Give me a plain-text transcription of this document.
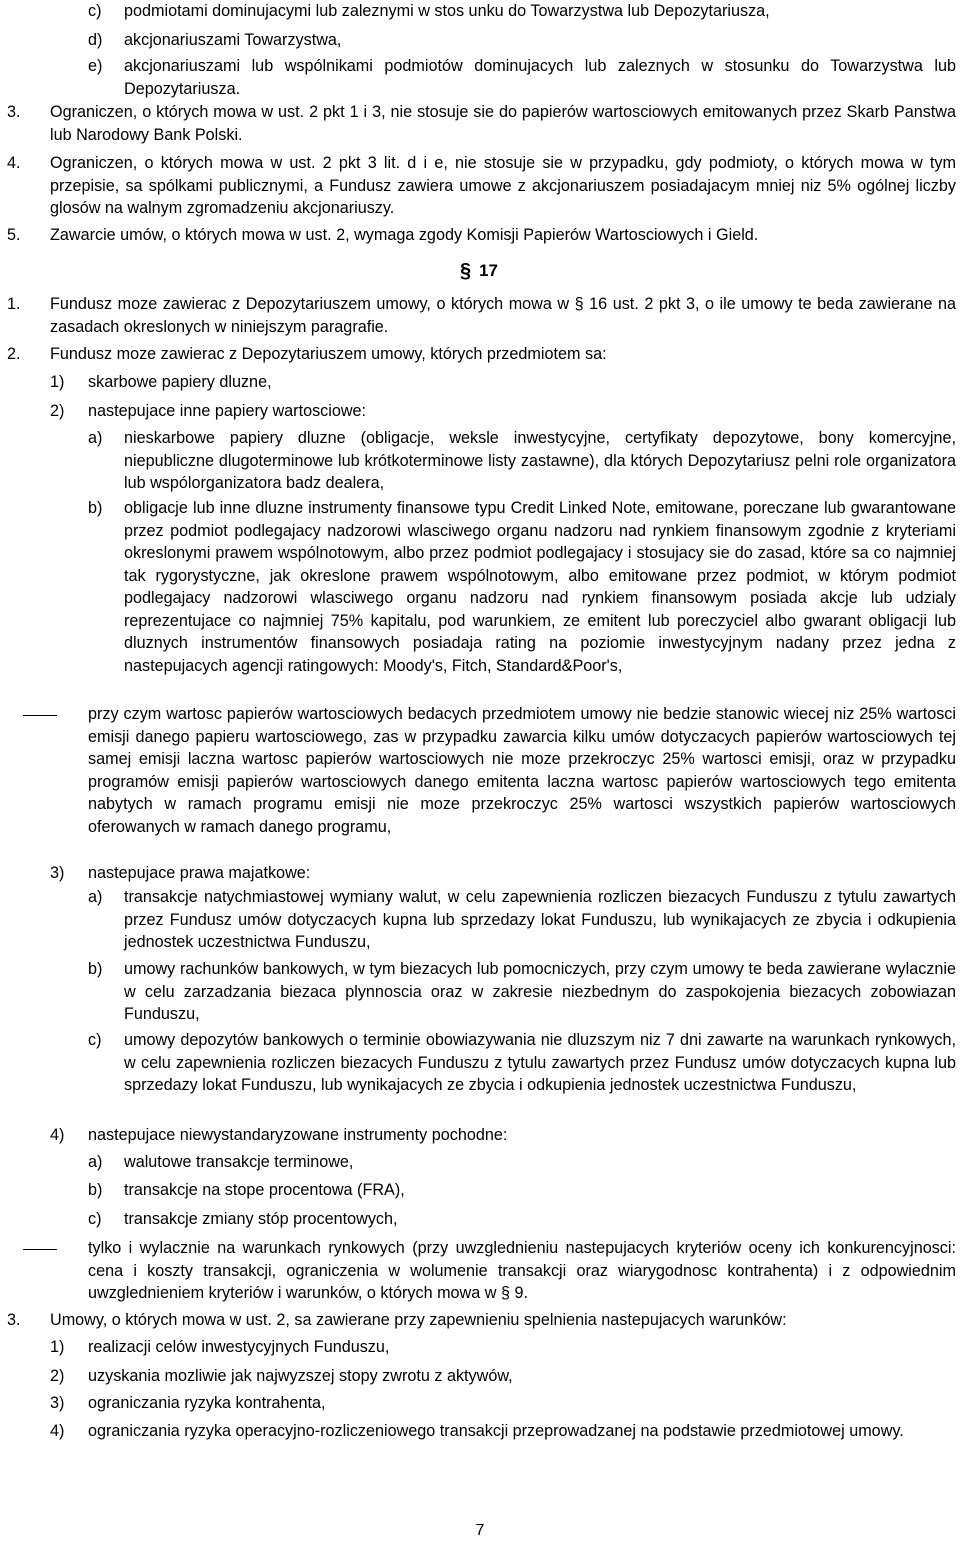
c) podmiotami dominujacymi lub zaleznymi w stos unku do Towarzystwa lub Depozytariusza,
d) akcjonariuszami Towarzystwa,
e) akcjonariuszami lub wspólnikami podmiotów dominujacych lub zaleznych w stosunku do Towarzystwa lub Depozytariusza.
3. Ograniczen, o których mowa w ust. 2 pkt 1 i 3, nie stosuje sie do papierów wartosciowych emitowanych przez Skarb Panstwa lub Narodowy Bank Polski.
4. Ograniczen, o których mowa w ust. 2 pkt 3 lit. d i e, nie stosuje sie w przypadku, gdy podmioty, o których mowa w tym przepisie, sa spólkami publicznymi, a Fundusz zawiera umowe z akcjonariuszem posiadajacym mniej niz 5% ogólnej liczby glosów na walnym zgromadzeniu akcjonariuszy.
5. Zawarcie umów, o których mowa w ust. 2, wymaga zgody Komisji Papierów Wartosciowych i Gield.
1. Fundusz moze zawierac z Depozytariuszem umowy, o których mowa w § 16 ust. 2 pkt 3, o ile umowy te beda zawierane na zasadach okreslonych w niniejszym paragrafie.
2. Fundusz moze zawierac z Depozytariuszem umowy, których przedmiotem sa:
1) skarbowe papiery dluzne,
2) nastepujace inne papiery wartosciowe:
a) nieskarbowe papiery dluzne (obligacje, weksle inwestycyjne, certyfikaty depozytowe, bony komercyjne, niepubliczne dlugoterminowe lub krótkoterminowe listy zastawne), dla których Depozytariusz pelni role organizatora lub wspólorganizatora badz dealera,
b) obligacje lub inne dluzne instrumenty finansowe typu Credit Linked Note, emitowane, poreczane lub gwarantowane przez podmiot podlegajacy nadzorowi wlasciwego organu nadzoru nad rynkiem finansowym zgodnie z kryteriami okreslonymi prawem wspólnotowym, albo przez podmiot podlegajacy i stosujacy sie do zasad, które sa co najmniej tak rygorystyczne, jak okreslone prawem wspólnotowym, albo emitowane przez podmiot, w którym podmiot podlegajacy nadzorowi wlasciwego organu nadzoru nad rynkiem finansowym posiada akcje lub udzialy reprezentujace co najmniej 75% kapitalu, pod warunkiem, ze emitent lub poreczyciel albo gwarant obligacji lub dluznych instrumentów finansowych posiadaja rating na poziomie inwestycyjnym nadany przez jedna z nastepujacych agencji ratingowych: Moody's, Fitch, Standard&Poor's,
przy czym wartosc papierów wartosciowych bedacych przedmiotem umowy nie bedzie stanowic wiecej niz 25% wartosci emisji danego papieru wartosciowego, zas w przypadku zawarcia kilku umów dotyczacych papierów wartosciowych tej samej emisji laczna wartosc papierów wartosciowych nie moze przekroczyc 25% wartosci emisji, oraz w przypadku programów emisji papierów wartosciowych danego emitenta laczna wartosc papierów wartosciowych tego emitenta nabytych w ramach programu emisji nie moze przekroczyc 25% wartosci wszystkich papierów wartosciowych oferowanych w ramach danego programu,
3) nastepujace prawa majatkowe:
a) transakcje natychmiastowej wymiany walut, w celu zapewnienia rozliczen biezacych Funduszu z tytulu zawartych przez Fundusz umów dotyczacych kupna lub sprzedazy lokat Funduszu, lub wynikajacych ze zbycia i odkupienia jednostek uczestnictwa Funduszu,
b) umowy rachunków bankowych, w tym biezacych lub pomocniczych, przy czym umowy te beda zawierane wylacznie w celu zarzadzania biezaca plynnoscia oraz w zakresie niezbednym do zaspokojenia biezacych zobowiazan Funduszu,
c) umowy depozytów bankowych o terminie obowiazywania nie dluzszym niz 7 dni zawarte na warunkach rynkowych, w celu zapewnienia rozliczen biezacych Funduszu z tytulu zawartych przez Fundusz umów dotyczacych kupna lub sprzedazy lokat Funduszu, lub wynikajacych ze zbycia i odkupienia jednostek uczestnictwa Funduszu,
4) nastepujace niewystandaryzowane instrumenty pochodne:
a) walutowe transakcje terminowe,
b) transakcje na stope procentowa (FRA),
c) transakcje zmiany stóp procentowych,
tylko i wylacznie na warunkach rynkowych (przy uwzglednieniu nastepujacych kryteriów oceny ich konkurencyjnosci: cena i koszty transakcji, ograniczenia w wolumenie transakcji oraz wiarygodnosc kontrahenta) i z odpowiednim uwzglednieniem kryteriów i warunków, o których mowa w § 9.
3. Umowy, o których mowa w ust. 2, sa zawierane przy zapewnieniu spelnienia nastepujacych warunków:
1) realizacji celów inwestycyjnych Funduszu,
2) uzyskania mozliwie jak najwyzszej stopy zwrotu z aktywów,
3) ograniczania ryzyka kontrahenta,
4) ograniczania ryzyka operacyjno-rozliczeniowego transakcji przeprowadzanej na podstawie przedmiotowej umowy.
§ 17
7
